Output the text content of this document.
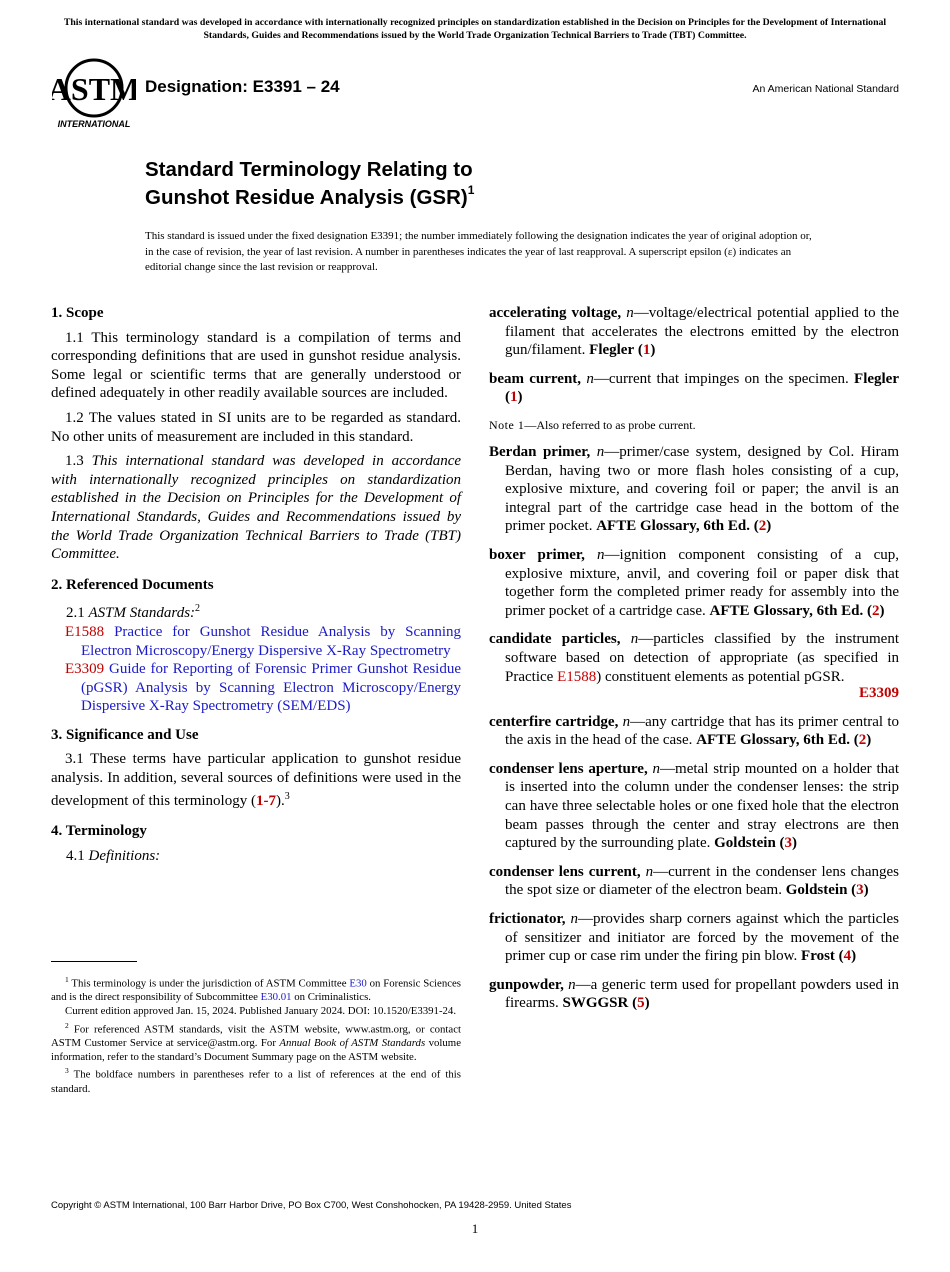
This international standard was developed in accordance with internationally recognized principles on standardization established in the Decision on Principles for the Development of International Standards, Guides and Recommendations issued by the World Trade Organization Technical Barriers to Trade (TBT) Committee.
ASTM
INTERNATIONAL
Designation: E3391 – 24	An American National Standard
Standard Terminology Relating to
Gunshot Residue Analysis (GSR)$^1$
This standard is issued under the fixed designation E3391; the number immediately following the designation indicates the year of original adoption or, in the case of revision, the year of last revision. A number in parentheses indicates the year of last reapproval. A superscript epsilon (ε) indicates an editorial change since the last revision or reapproval.
1. Scope

1.1 This terminology standard is a compilation of terms and corresponding definitions that are used in gunshot residue analysis. Some legal or scientific terms that are generally understood or defined adequately in other readily available sources are included.

1.2 The values stated in SI units are to be regarded as standard. No other units of measurement are included in this standard.

1.3 This international standard was developed in accordance with internationally recognized principles on standardization established in the Decision on Principles for the Development of International Standards, Guides and Recommendations issued by the World Trade Organization Technical Barriers to Trade (TBT) Committee.

2. Referenced Documents
2.1 ASTM Standards:$^2$

E1588 Practice for Gunshot Residue Analysis by Scanning Electron Microscopy/Energy Dispersive X-Ray Spectrometry

E3309 Guide for Reporting of Forensic Primer Gunshot Residue (pGSR) Analysis by Scanning Electron Microscopy/Energy Dispersive X-Ray Spectrometry (SEM/EDS)

3. Significance and Use

3.1 These terms have particular application to gunshot residue analysis. In addition, several sources of definitions were used in the development of this terminology (1-7).$^3$

4. Terminology
4.1 Definitions:

$^1$ This terminology is under the jurisdiction of ASTM Committee E30 on Forensic Sciences and is the direct responsibility of Subcommittee E30.01 on Criminalistics.

Current edition approved Jan. 15, 2024. Published January 2024. DOI: 10.1520/E3391-24.

$^2$ For referenced ASTM standards, visit the ASTM website, www.astm.org, or contact ASTM Customer Service at service@astm.org. For Annual Book of ASTM Standards volume information, refer to the standard’s Document Summary page on the ASTM website.

$^3$ The boldface numbers in parentheses refer to a list of references at the end of this standard.

accelerating voltage, n—voltage/electrical potential applied to the filament that accelerates the electrons emitted by the electron gun/filament. Flegler (1)

beam current, n—current that impinges on the specimen. Flegler (1)

Note 1—Also referred to as probe current.

Berdan primer, n—primer/case system, designed by Col. Hiram Berdan, having two or more flash holes consisting of a cup, explosive mixture, and covering foil or paper; the anvil is an integral part of the cartridge case head in the bottom of the primer pocket. AFTE Glossary, 6th Ed. (2)

boxer primer, n—ignition component consisting of a cup, explosive mixture, anvil, and covering foil or paper disk that together form the completed primer ready for assembly into the primer pocket of a cartridge case. AFTE Glossary, 6th Ed. (2)

candidate particles, n—particles classified by the instrument software based on detection of appropriate (as specified in Practice E1588) constituent elements as potential pGSR.

E3309

centerfire cartridge, n—any cartridge that has its primer central to the axis in the head of the case. AFTE Glossary, 6th Ed. (2)

condenser lens aperture, n—metal strip mounted on a holder that is inserted into the column under the condenser lenses: the strip can have three selectable holes or one fixed hole that the electron beam passes through the center and stray electrons are then captured by the surrounding plate. Goldstein (3)

condenser lens current, n—current in the condenser lens changes the spot size or diameter of the electron beam. Goldstein (3)

frictionator, n—provides sharp corners against which the particles of sensitizer and initiator are forced by the movement of the primer cup or case rim under the firing pin blow. Frost (4)

gunpowder, n—a generic term used for propellant powders used in firearms. SWGGSR (5)

Copyright © ASTM International, 100 Barr Harbor Drive, PO Box C700, West Conshohocken, PA 19428-2959. United States
1
